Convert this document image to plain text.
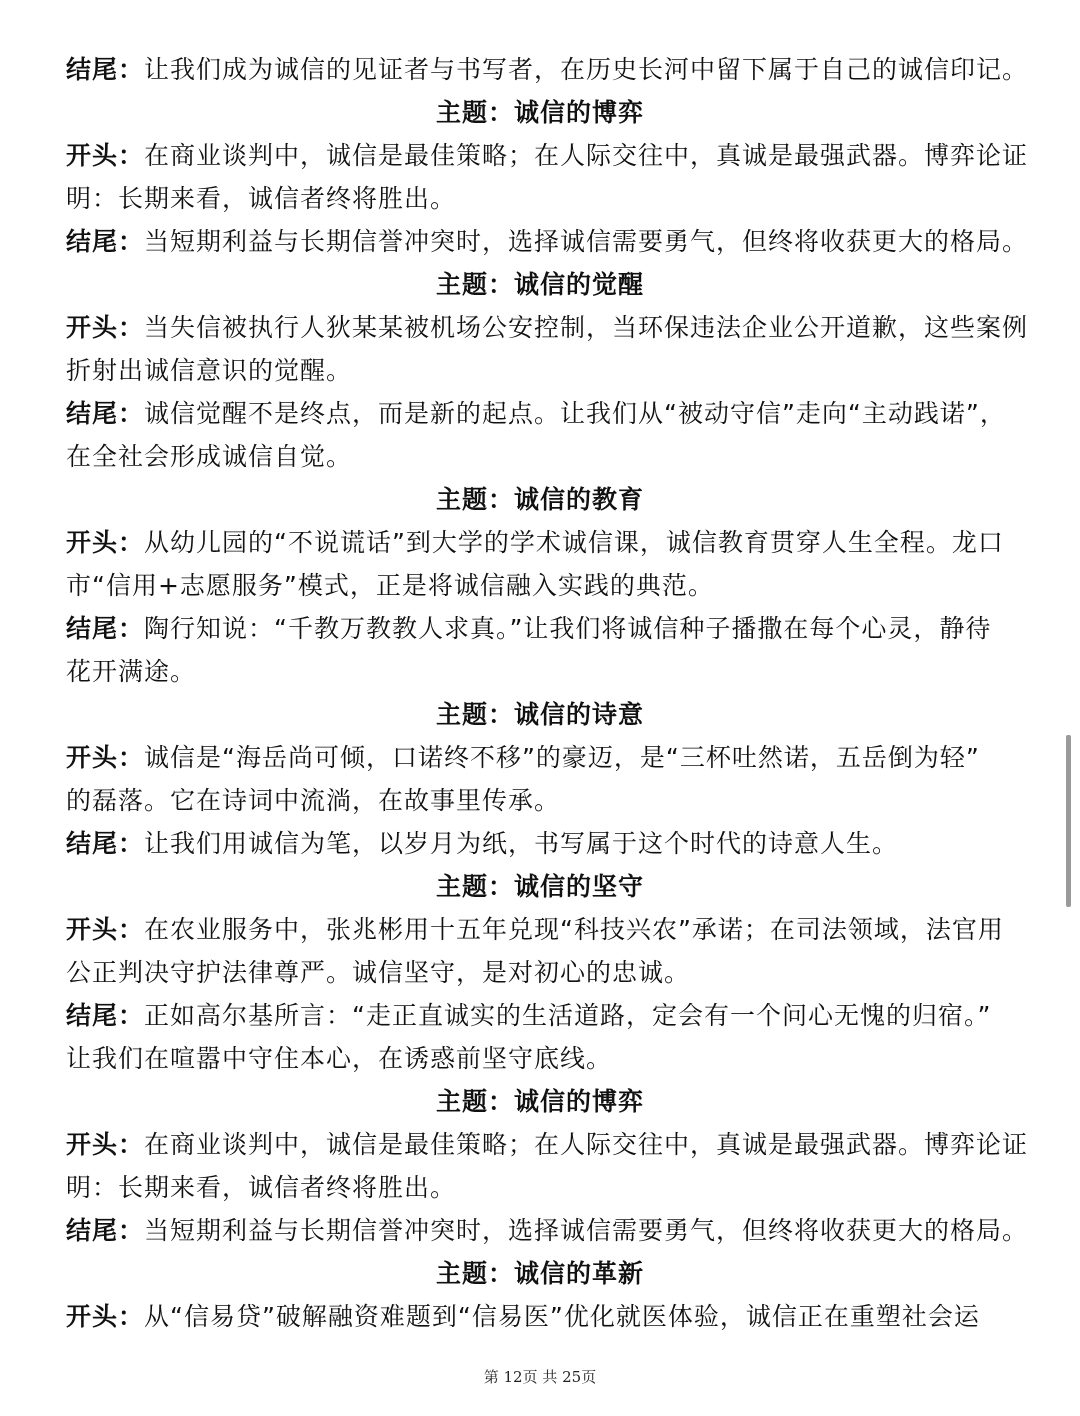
结尾：让我们成为诚信的见证者与书写者，在历史长河中留下属于自己的诚信印记。
主题：诚信的博弈
开头：在商业谈判中，诚信是最佳策略；在人际交往中，真诚是最强武器。博弈论证
明：长期来看，诚信者终将胜出。
结尾：当短期利益与长期信誉冲突时，选择诚信需要勇气，但终将收获更大的格局。
主题：诚信的觉醒
开头：当失信被执行人狄某某被机场公安控制，当环保违法企业公开道歉，这些案例
折射出诚信意识的觉醒。
结尾：诚信觉醒不是终点，而是新的起点。让我们从“被动守信”走向“主动践诺”，
在全社会形成诚信自觉。
主题：诚信的教育
开头：从幼儿园的“不说谎话”到大学的学术诚信课，诚信教育贯穿人生全程。龙口
市“信用+志愿服务”模式，正是将诚信融入实践的典范。
结尾：陶行知说：“千教万教教人求真。”让我们将诚信种子播撒在每个心灵，静待
花开满途。
主题：诚信的诗意
开头：诚信是“海岳尚可倾，口诺终不移”的豪迈，是“三杯吐然诺，五岳倒为轻”
的磊落。它在诗词中流淌，在故事里传承。
结尾：让我们用诚信为笔，以岁月为纸，书写属于这个时代的诗意人生。
主题：诚信的坚守
开头：在农业服务中，张兆彬用十五年兑现“科技兴农”承诺；在司法领域，法官用
公正判决守护法律尊严。诚信坚守，是对初心的忠诚。
结尾：正如高尔基所言：“走正直诚实的生活道路，定会有一个问心无愧的归宿。”
让我们在喧嚣中守住本心，在诱惑前坚守底线。
主题：诚信的博弈
开头：在商业谈判中，诚信是最佳策略；在人际交往中，真诚是最强武器。博弈论证
明：长期来看，诚信者终将胜出。
结尾：当短期利益与长期信誉冲突时，选择诚信需要勇气，但终将收获更大的格局。
主题：诚信的革新
开头：从“信易贷”破解融资难题到“信易医”优化就医体验，诚信正在重塑社会运
第 12页 共 25页
